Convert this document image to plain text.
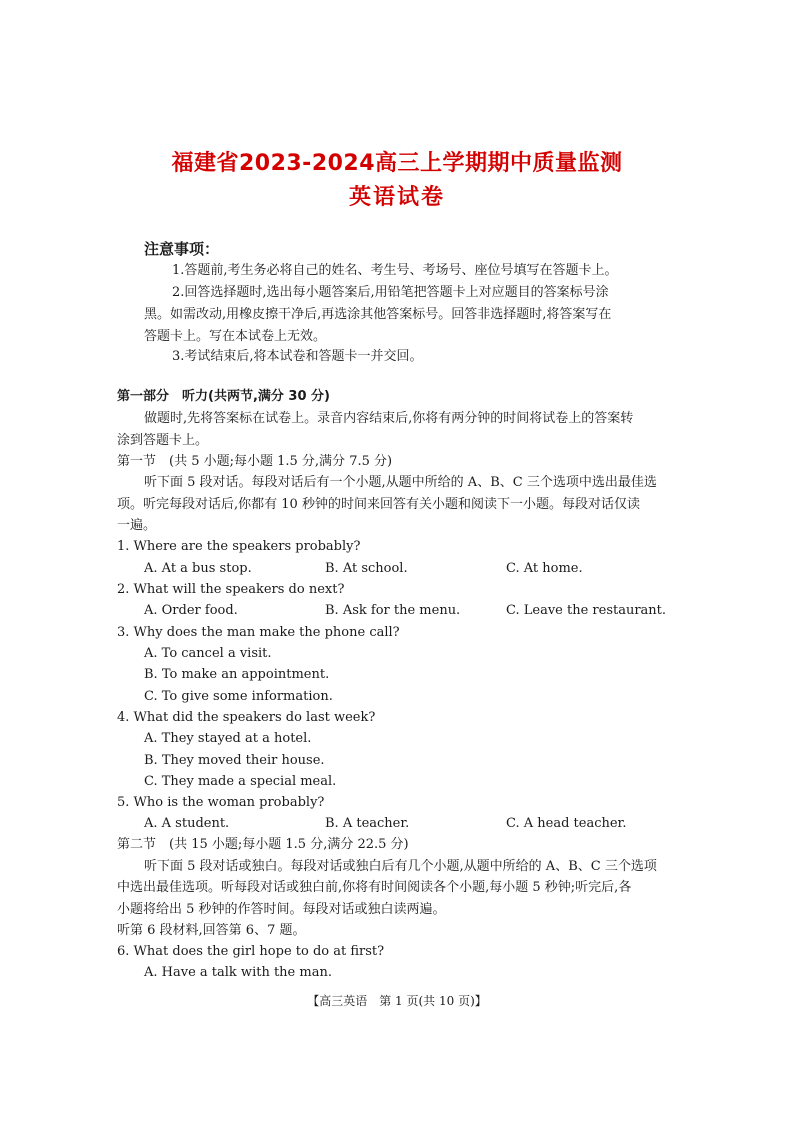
福建省2023-2024高三上学期期中质量监测
英语试卷
注意事项：
1.答题前,考生务必将自己的姓名、考生号、考场号、座位号填写在答题卡上。
2.回答选择题时,选出每小题答案后,用铅笔把答题卡上对应题目的答案标号涂
黑。如需改动,用橡皮擦干净后,再选涂其他答案标号。回答非选择题时,将答案写在
答题卡上。写在本试卷上无效。
3.考试结束后,将本试卷和答题卡一并交回。
第一部分　听力(共两节,满分 30 分)
做题时,先将答案标在试卷上。录音内容结束后,你将有两分钟的时间将试卷上的答案转
涂到答题卡上。
第一节　(共 5 小题;每小题 1.5 分,满分 7.5 分)
听下面 5 段对话。每段对话后有一个小题,从题中所给的 A、B、C 三个选项中选出最佳选
项。听完每段对话后,你都有 10 秒钟的时间来回答有关小题和阅读下一小题。每段对话仅读
一遍。
1. Where are the speakers probably?
A. At a bus stop.	B. At school.	C. At home.
2. What will the speakers do next?
A. Order food.	B. Ask for the menu.	C. Leave the restaurant.
3. Why does the man make the phone call?
A. To cancel a visit.
B. To make an appointment.
C. To give some information.
4. What did the speakers do last week?
A. They stayed at a hotel.
B. They moved their house.
C. They made a special meal.
5. Who is the woman probably?
A. A student.	B. A teacher.	C. A head teacher.
第二节　(共 15 小题;每小题 1.5 分,满分 22.5 分)
听下面 5 段对话或独白。每段对话或独白后有几个小题,从题中所给的 A、B、C 三个选项
中选出最佳选项。听每段对话或独白前,你将有时间阅读各个小题,每小题 5 秒钟;听完后,各
小题将给出 5 秒钟的作答时间。每段对话或独白读两遍。
听第 6 段材料,回答第 6、7 题。
6. What does the girl hope to do at first?
A. Have a talk with the man.
【高三英语　第 1 页(共 10 页)】
